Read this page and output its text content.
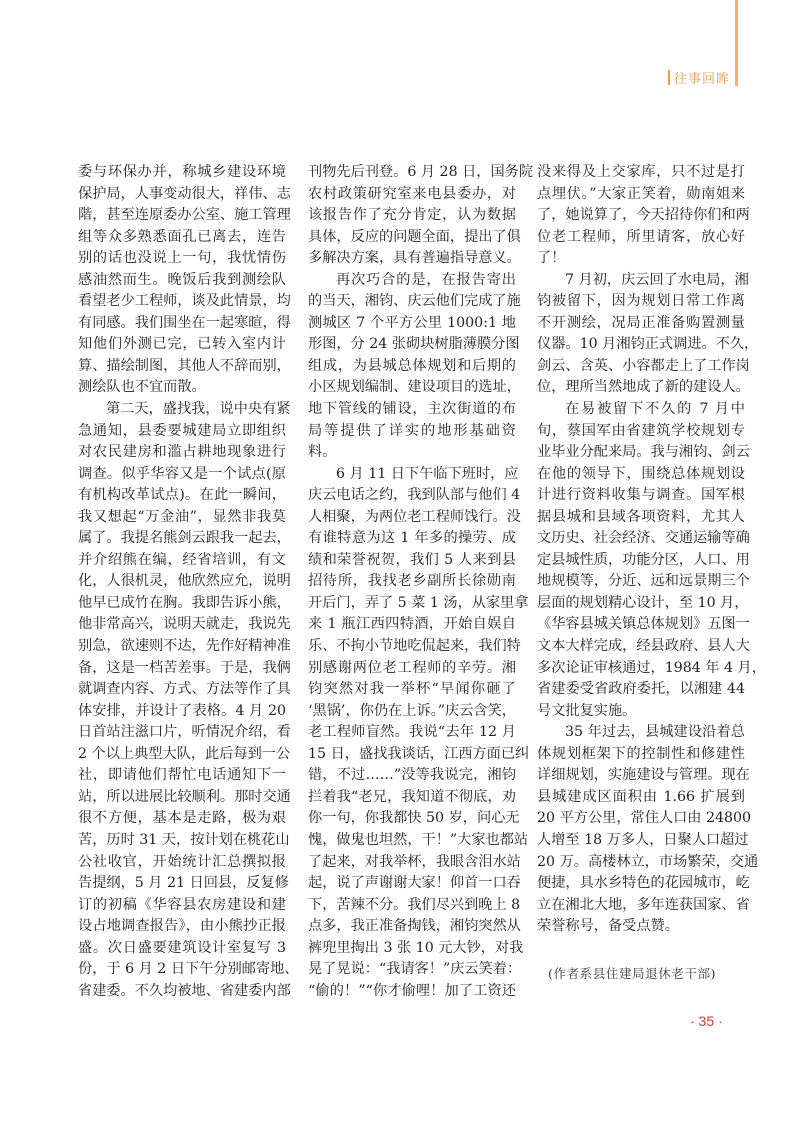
往事回眸
委与环保办并，称城乡建设环境
保护局，人事变动很大，祥伟、志
階，甚至连原委办公室、施工管理
组等众多熟悉面孔已离去，连告
别的话也没说上一句，我忧情伤
感油然而生。晚饭后我到测绘队
看望老少工程师，谈及此情景，均
有同感。我们围坐在一起寒暄，得
知他们外测已完，已转入室内计
算、描绘制图，其他人不辞而别，
测绘队也不宜而散。
第二天，盛找我，说中央有紧
急通知，县委要城建局立即组织
对农民建房和滥占耕地现象进行
调查。似乎华容又是一个试点(原
有机构改革试点)。在此一瞬间，
我又想起“万金油”，显然非我莫
属了。我提名熊剑云跟我一起去，
并介绍熊在编，经省培训，有文
化，人很机灵，他欣然应允，说明
他早已成竹在胸。我即告诉小熊，
他非常高兴，说明天就走，我说先
别急，欲速则不达，先作好精神准
备，这是一档苦差事。于是，我俩
就调查内容、方式、方法等作了具
体安排，并设计了表格。4 月 20
日首站注滋口片，听情况介绍，看
2 个以上典型大队，此后每到一公
社，即请他们帮忙电话通知下一
站，所以进展比较顺利。那时交通
很不方便，基本是走路，极为艰
苦，历时 31 天，按计划在桃花山
公社收官，开始统计汇总撰拟报
告提纲，5 月 21 日回县，反复修
订的初稿《华容县农房建设和建
设占地调查报告》，由小熊抄正报
盛。次日盛要建筑设计室复写 3
份，于 6 月 2 日下午分别邮寄地、
省建委。不久均被地、省建委内部
刊物先后刊登。6 月 28 日，国务院
农村政策研究室来电县委办，对
该报告作了充分肯定，认为数据
具体，反应的问题全面，提出了俱
多解决方案，具有普遍指导意义。
再次巧合的是，在报告寄出
的当天，湘钧、庆云他们完成了施
测城区 7 个平方公里 1000:1 地
形图，分 24 张砌块树脂薄膜分图
组成，为县城总体规划和后期的
小区规划编制、建设项目的选址，
地下管线的铺设，主次街道的布
局等提供了详实的地形基础资
料。
6 月 11 日下午临下班时，应
庆云电话之约，我到队部与他们 4
人相聚，为两位老工程师饯行。没
有谁特意为这 1 年多的操劳、成
绩和荣誉祝贺，我们 5 人来到县
招待所，我找老乡副所长徐勋南
开后门，弄了 5 菜 1 汤，从家里拿
来 1 瓶江西四特酒，开始自娱自
乐、不拘小节地吃侃起来，我们特
别感谢两位老工程师的辛劳。湘
钧突然对我一举杯“早闻你砸了
‘黑锅’，你仍在上诉。”庆云含笑，
老工程师盲然。我说“去年 12 月
15 日，盛找我谈话，江西方面已纠
错，不过……”没等我说完，湘钧
拦着我“老兄，我知道不彻底，劝
你一句，你我都快 50 岁，问心无
愧，做鬼也坦然，干！”大家也都站
了起来，对我举杯，我眼含泪水站
起，说了声谢谢大家！仰首一口吞
下，苦辣不分。我们尽兴到晚上 8
点多，我正准备掏钱，湘钧突然从
裤兜里掏出 3 张 10 元大钞，对我
晃了晃说：“我请客！”庆云笑着：
“偷的！”“你才偷哩！加了工资还
没来得及上交家库，只不过是打
点埋伏。”大家正笑着，勋南姐来
了，她说算了，今天招待你们和两
位老工程师，所里请客，放心好
了！
7 月初，庆云回了水电局，湘
钧被留下，因为规划日常工作离
不开测绘，况局正准备购置测量
仪器。10 月湘钧正式调进。不久，
剑云、含英、小容都走上了工作岗
位，理所当然地成了新的建设人。
在易被留下不久的 7 月中
旬，蔡国军由省建筑学校规划专
业毕业分配来局。我与湘钧、剑云
在他的领导下，围绕总体规划设
计进行资料收集与调查。国军根
据县城和县域各项资料，尤其人
文历史、社会经济、交通运输等确
定县城性质，功能分区，人口、用
地规模等，分近、远和远景期三个
层面的规划精心设计，至 10 月，
《华容县城关镇总体规划》五图一
文本大样完成，经县政府、县人大
多次论证审核通过，1984 年 4 月，
省建委受省政府委托，以湘建 44
号文批复实施。
35 年过去，县城建设沿着总
体规划框架下的控制性和修建性
详细规划，实施建设与管理。现在
县城建成区面积由 1.66 扩展到
20 平方公里，常住人口由 24800
人增至 18 万多人，日聚人口超过
20 万。高楼林立，市场繁荣，交通
便捷，具水乡特色的花园城市，屹
立在湘北大地，多年连获国家、省
荣誉称号，备受点赞。
(作者系县住建局退休老干部)
· 35 ·
